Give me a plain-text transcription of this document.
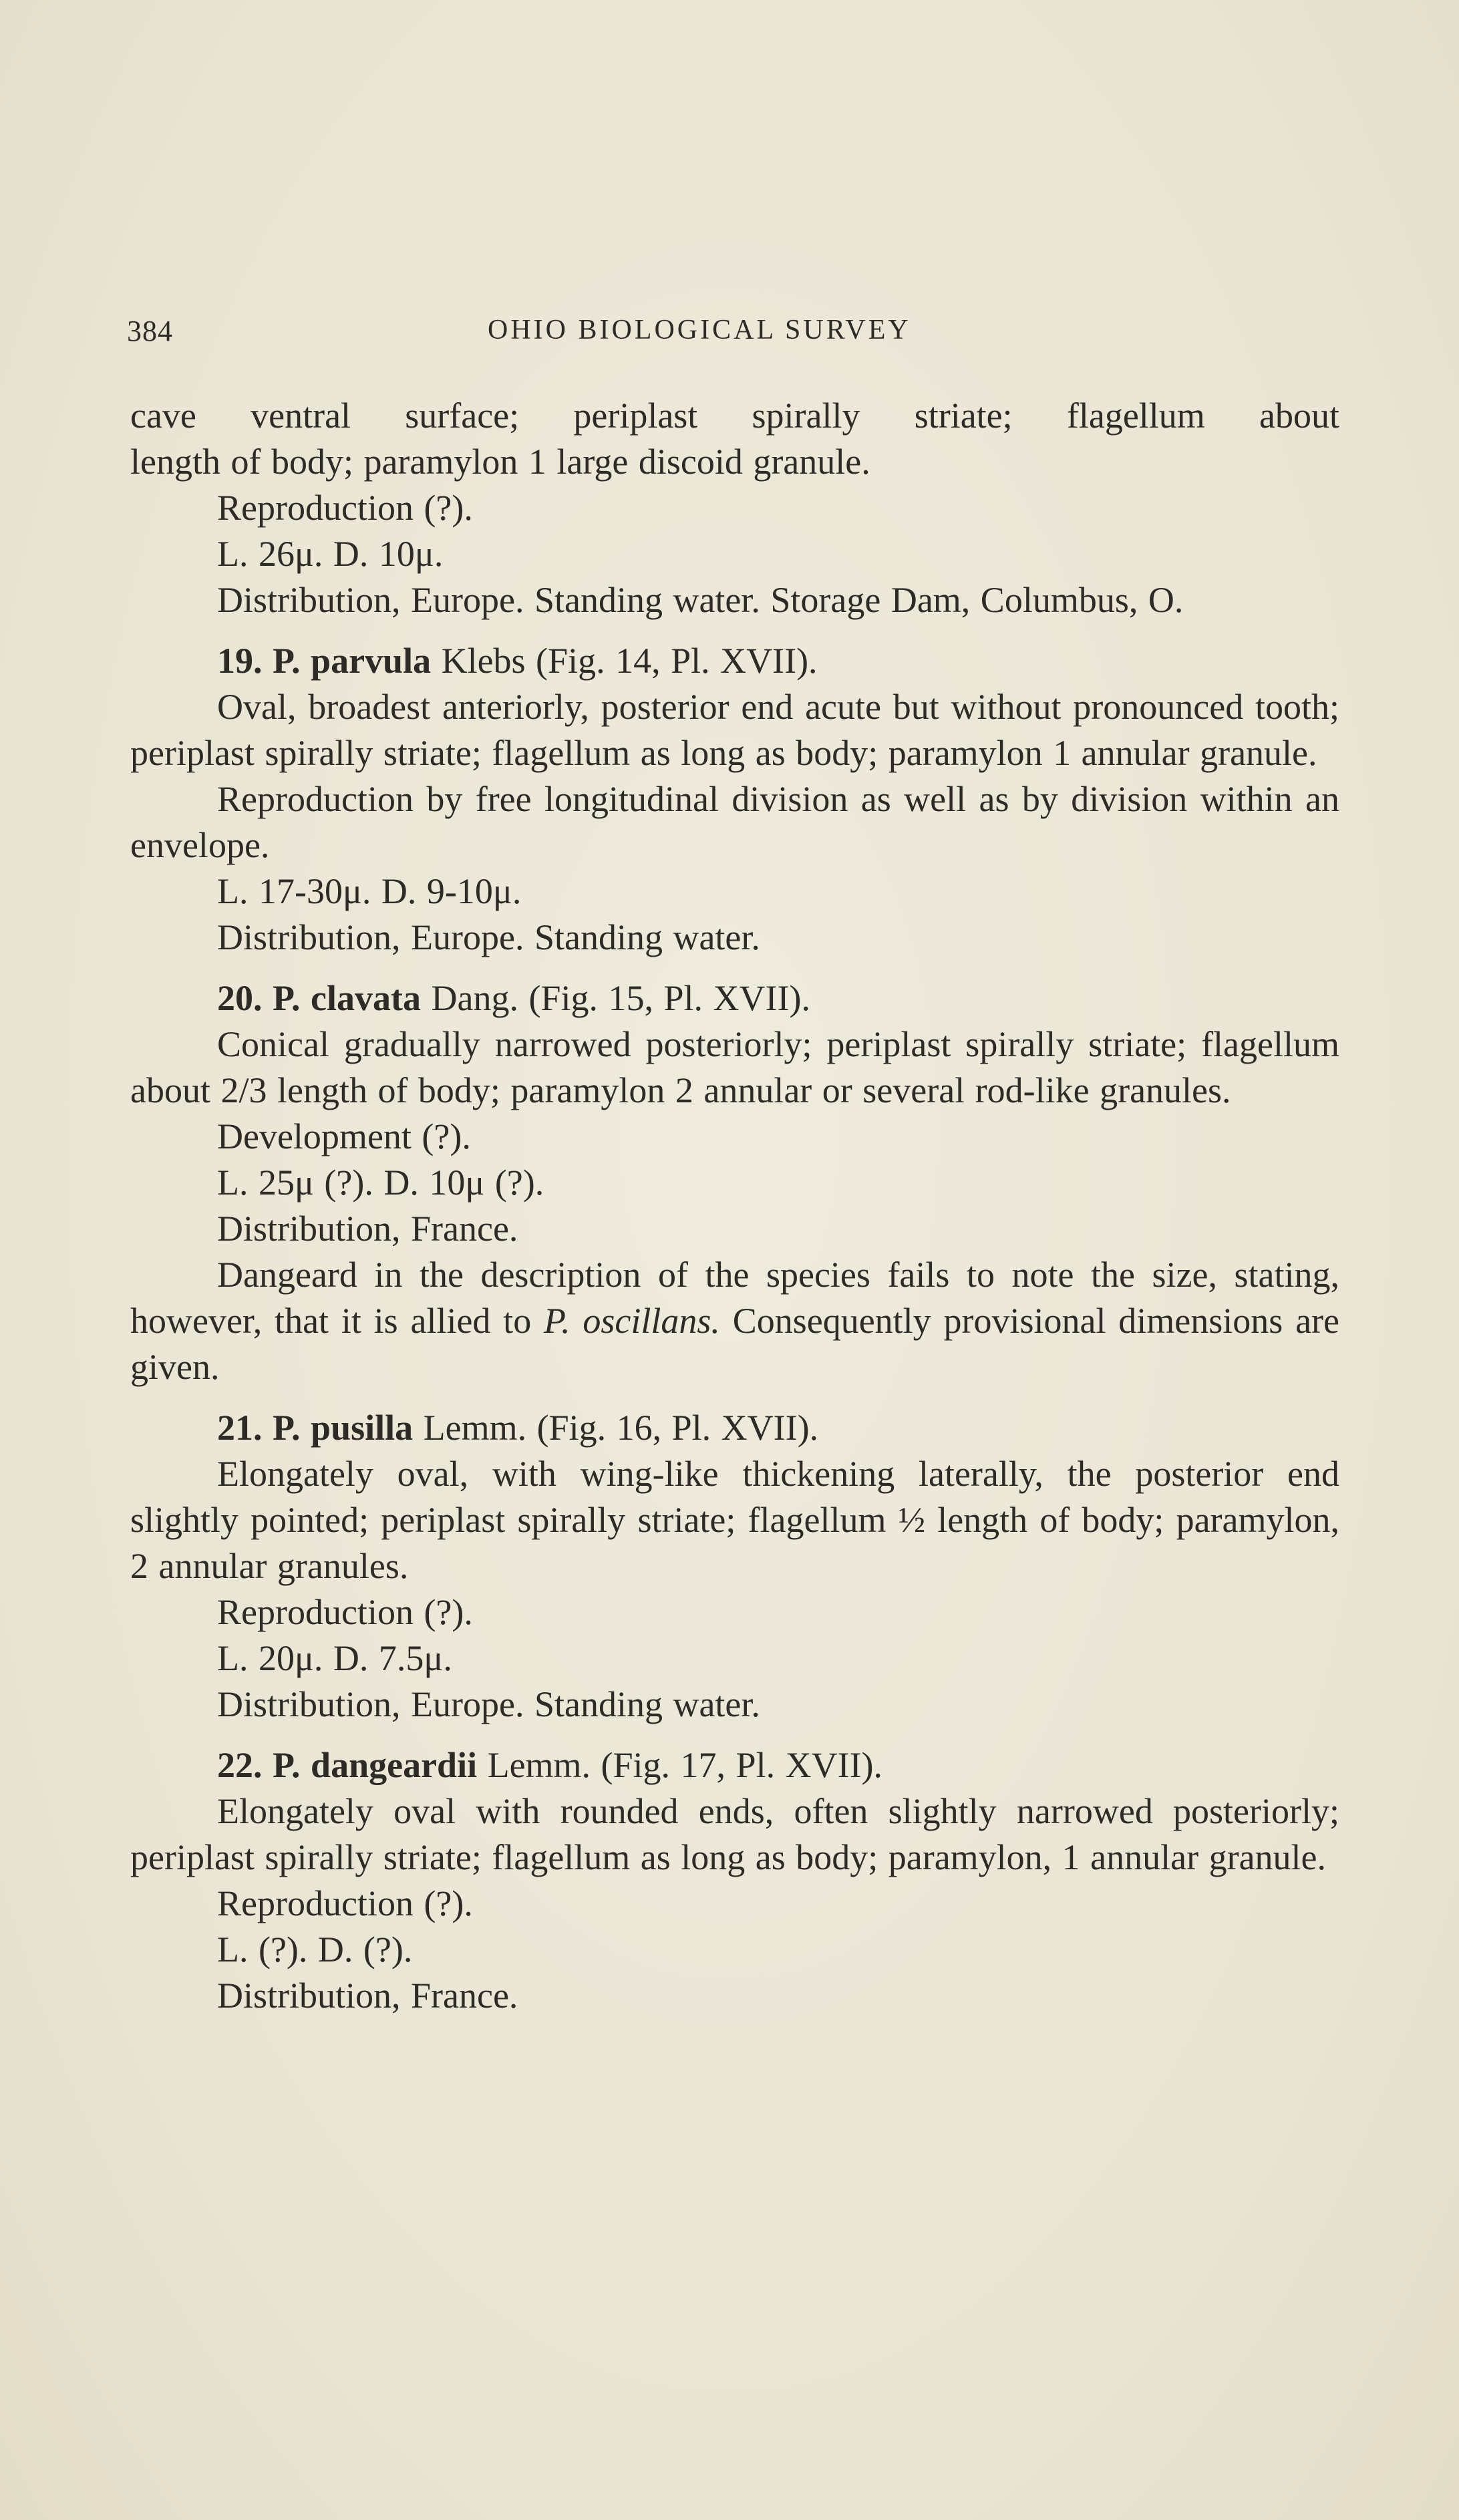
384	OHIO BIOLOGICAL SURVEY

cave ventral surface; periplast spirally striate; flagellum about

length of body; paramylon 1 large discoid granule.

Reproduction (?).

L. 26μ. D. 10μ.

Distribution, Europe. Standing water. Storage Dam, Columbus, O.

19. P. parvula Klebs (Fig. 14, Pl. XVII).

Oval, broadest anteriorly, posterior end acute but without pronounced tooth; periplast spirally striate; flagellum as long as body; paramylon 1 annular granule.

Reproduction by free longitudinal division as well as by division within an envelope.

L. 17-30μ. D. 9-10μ.

Distribution, Europe. Standing water.

20. P. clavata Dang. (Fig. 15, Pl. XVII).

Conical gradually narrowed posteriorly; periplast spirally striate; flagellum about 2/3 length of body; paramylon 2 annular or several rod-like granules.

Development (?).

L. 25μ (?). D. 10μ (?).

Distribution, France.

Dangeard in the description of the species fails to note the size, stating, however, that it is allied to P. oscillans. Consequently provisional dimensions are given.

21. P. pusilla Lemm. (Fig. 16, Pl. XVII).

Elongately oval, with wing-like thickening laterally, the posterior end slightly pointed; periplast spirally striate; flagellum ½ length of body; paramylon, 2 annular granules.

Reproduction (?).

L. 20μ. D. 7.5μ.

Distribution, Europe. Standing water.

22. P. dangeardii Lemm. (Fig. 17, Pl. XVII).

Elongately oval with rounded ends, often slightly narrowed posteriorly; periplast spirally striate; flagellum as long as body; paramylon, 1 annular granule.

Reproduction (?).

L. (?). D. (?).

Distribution, France.
